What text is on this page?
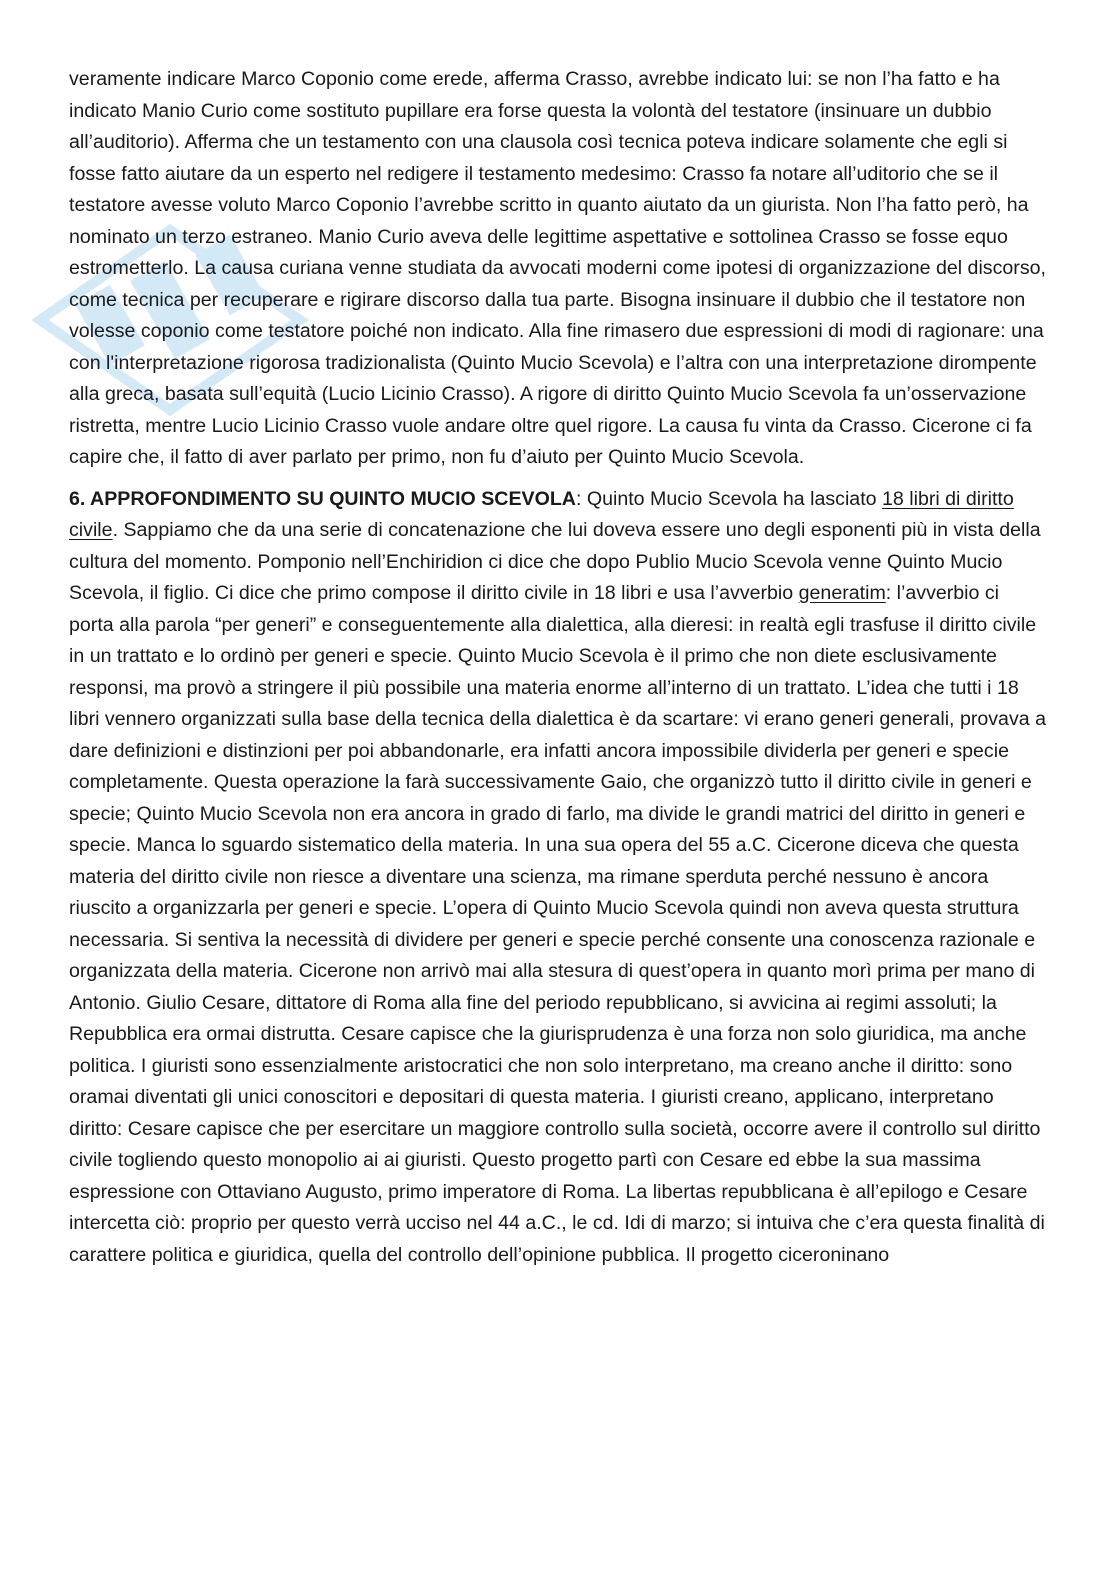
veramente indicare Marco Coponio come erede, afferma Crasso, avrebbe indicato lui: se non l’ha fatto e ha indicato Manio Curio come sostituto pupillare era forse questa la volontà del testatore (insinuare un dubbio all’auditorio). Afferma che un testamento con una clausola così tecnica poteva indicare solamente che egli si fosse fatto aiutare da un esperto nel redigere il testamento medesimo: Crasso fa notare all’uditorio che se il testatore avesse voluto Marco Coponio l’avrebbe scritto in quanto aiutato da un giurista. Non l’ha fatto però, ha nominato un terzo estraneo. Manio Curio aveva delle legittime aspettative e sottolinea Crasso se fosse equo estrometterlo. La causa curiana venne studiata da avvocati moderni come ipotesi di organizzazione del discorso, come tecnica per recuperare e rigirare discorso dalla tua parte. Bisogna insinuare il dubbio che il testatore non volesse coponio come testatore poiché non indicato. Alla fine rimasero due espressioni di modi di ragionare: una con l'interpretazione rigorosa tradizionalista (Quinto Mucio Scevola) e l’altra con una interpretazione dirompente alla greca, basata sull’equità (Lucio Licinio Crasso). A rigore di diritto Quinto Mucio Scevola fa un’osservazione ristretta, mentre Lucio Licinio Crasso vuole andare oltre quel rigore. La causa fu vinta da Crasso. Cicerone ci fa capire che, il fatto di aver parlato per primo, non fu d’aiuto per Quinto Mucio Scevola.

6. APPROFONDIMENTO SU QUINTO MUCIO SCEVOLA: Quinto Mucio Scevola ha lasciato 18 libri di diritto civile. Sappiamo che da una serie di concatenazione che lui doveva essere uno degli esponenti più in vista della cultura del momento. Pomponio nell’Enchiridion ci dice che dopo Publio Mucio Scevola venne Quinto Mucio Scevola, il figlio. Ci dice che primo compose il diritto civile in 18 libri e usa l’avverbio generatim: l’avverbio ci porta alla parola “per generi” e conseguentemente alla dialettica, alla dieresi: in realtà egli trasfuse il diritto civile in un trattato e lo ordinò per generi e specie. Quinto Mucio Scevola è il primo che non diete esclusivamente responsi, ma provò a stringere il più possibile una materia enorme all’interno di un trattato. L’idea che tutti i 18 libri vennero organizzati sulla base della tecnica della dialettica è da scartare: vi erano generi generali, provava a dare definizioni e distinzioni per poi abbandonarle, era infatti ancora impossibile dividerla per generi e specie completamente. Questa operazione la farà successivamente Gaio, che organizzò tutto il diritto civile in generi e specie; Quinto Mucio Scevola non era ancora in grado di farlo, ma divide le grandi matrici del diritto in generi e specie. Manca lo sguardo sistematico della materia. In una sua opera del 55 a.C. Cicerone diceva che questa materia del diritto civile non riesce a diventare una scienza, ma rimane sperduta perché nessuno è ancora riuscito a organizzarla per generi e specie. L’opera di Quinto Mucio Scevola quindi non aveva questa struttura necessaria. Si sentiva la necessità di dividere per generi e specie perché consente una conoscenza razionale e organizzata della materia. Cicerone non arrivò mai alla stesura di quest’opera in quanto morì prima per mano di Antonio. Giulio Cesare, dittatore di Roma alla fine del periodo repubblicano, si avvicina ai regimi assoluti; la Repubblica era ormai distrutta. Cesare capisce che la giurisprudenza è una forza non solo giuridica, ma anche politica. I giuristi sono essenzialmente aristocratici che non solo interpretano, ma creano anche il diritto: sono oramai diventati gli unici conoscitori e depositari di questa materia. I giuristi creano, applicano, interpretano diritto: Cesare capisce che per esercitare un maggiore controllo sulla società, occorre avere il controllo sul diritto civile togliendo questo monopolio ai ai giuristi. Questo progetto partì con Cesare ed ebbe la sua massima espressione con Ottaviano Augusto, primo imperatore di Roma. La libertas repubblicana è all’epilogo e Cesare intercetta ciò: proprio per questo verrà ucciso nel 44 a.C., le cd. Idi di marzo; si intuiva che c’era questa finalità di carattere politica e giuridica, quella del controllo dell’opinione pubblica. Il progetto ciceroninano
